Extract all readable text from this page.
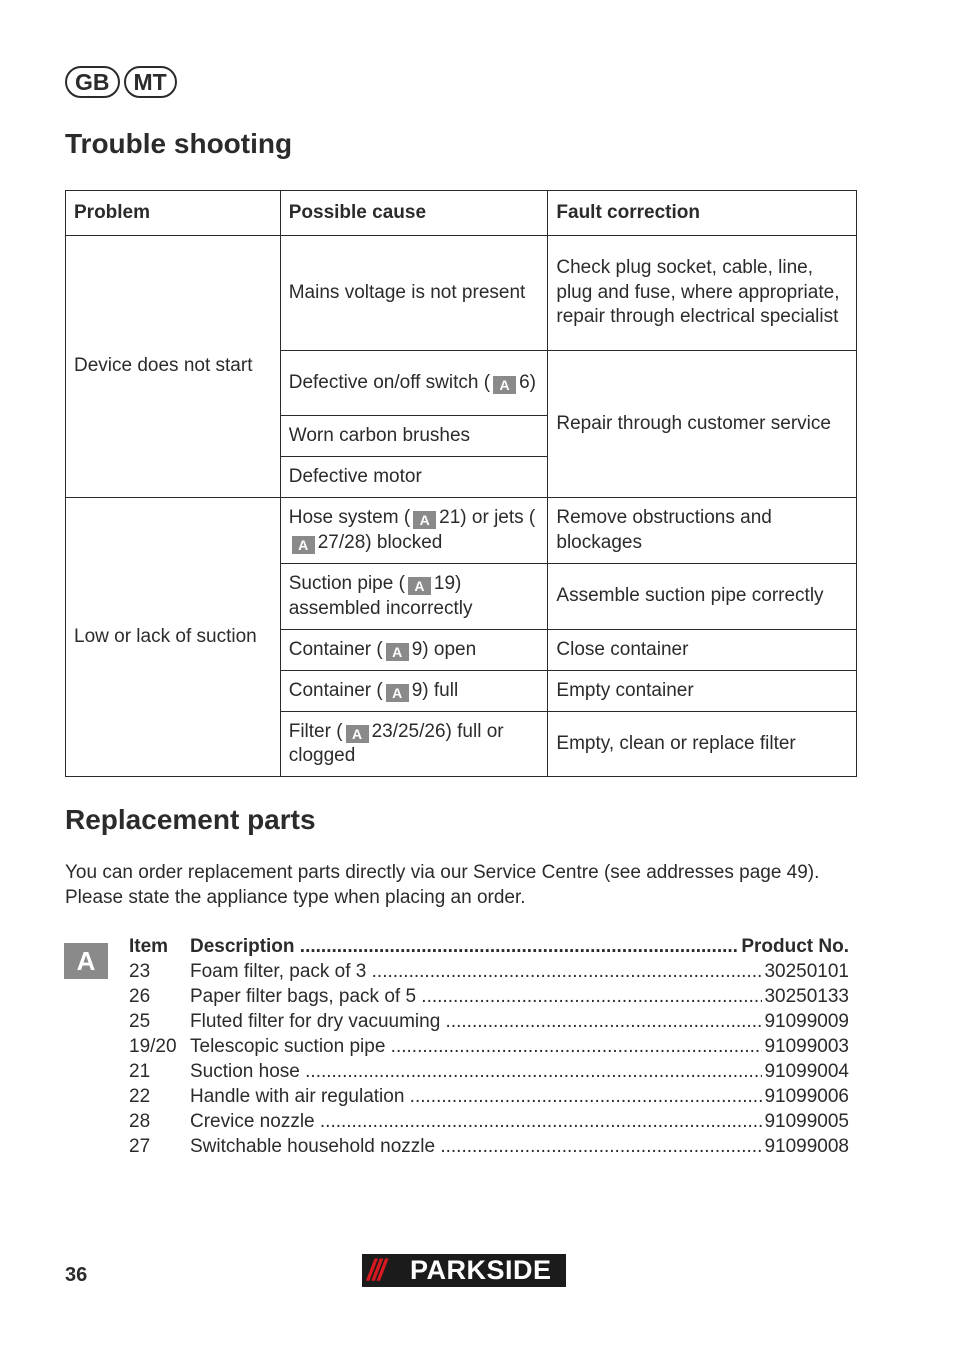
GB	MT
Trouble shooting
Problem	Possible cause	Fault correction
Device does not start	Mains voltage is not present	Check plug socket, cable, line, plug and fuse, where appropriate, repair through electrical specialist
	Defective on/off switch ( A 6)	Repair through customer service
	Worn carbon brushes	
	Defective motor	
Low or lack of suction	Hose system ( A 21) or jets (A 27/28) blocked	Remove obstructions and blockages
	Suction pipe ( A 19) assembled incorrectly	Assemble suction pipe correctly
	Container ( A 9) open	Close container
	Container ( A 9) full	Empty container
	Filter ( A 23/25/26) full or clogged	Empty, clean or replace filter
Replacement parts

You can order replacement parts directly via our Service Centre (see addresses page 49). Please state the appliance type when placing an order.

A	Item	Description .....	Product No.
23	Foam filter, pack of 3 .....	30250101
26	Paper filter bags, pack of 5 .....	30250133
25	Fluted filter for dry vacuuming .....	91099009
19/20 Telescopic suction pipe .....	91099003
21	Suction hose .....	91099004
22	Handle with air regulation .....	91099006
28	Crevice nozzle .....	91099005
27	Switchable household nozzle .....	91099008
36	/// PARKSIDE
